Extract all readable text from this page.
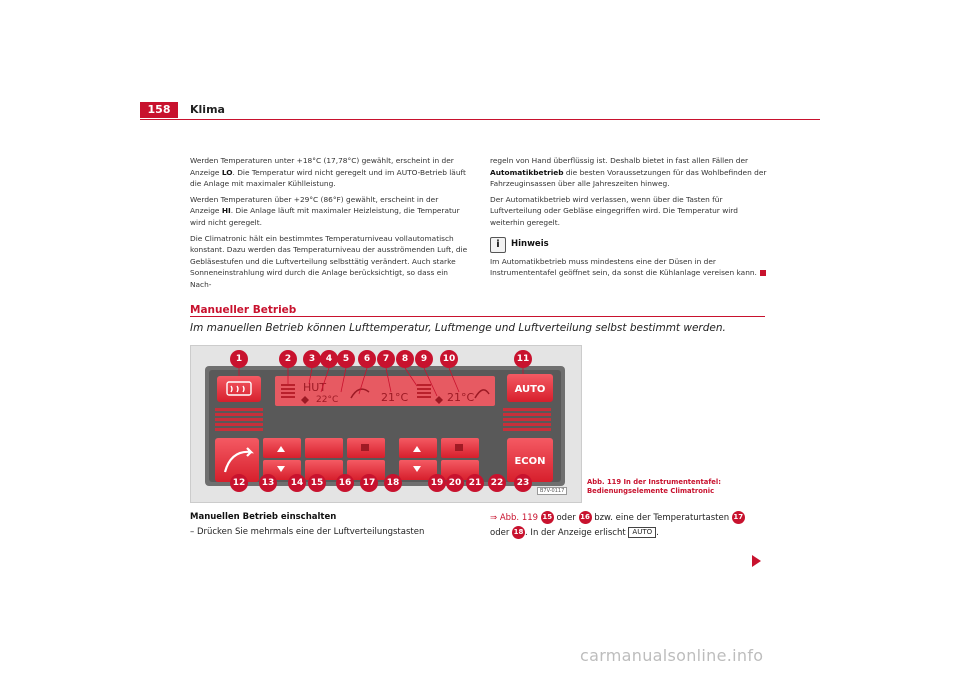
158	Klima

Werden Temperaturen unter +18°C (17,78°C) gewählt, erscheint in der Anzeige LO. Die Temperatur wird nicht geregelt und im AUTO-Betrieb läuft die Anlage mit maximaler Kühlleistung.

Werden Temperaturen über +29°C (86°F) gewählt, erscheint in der Anzeige HI. Die Anlage läuft mit maximaler Heizleistung, die Temperatur wird nicht geregelt.

Die Climatronic hält ein bestimmtes Temperaturniveau vollautomatisch konstant. Dazu werden das Temperaturniveau der ausströmenden Luft, die Gebläsestufen und die Luftverteilung selbsttätig verändert. Auch starke Sonneneinstrahlung wird durch die Anlage berücksichtigt, so dass ein Nach-

regeln von Hand überflüssig ist. Deshalb bietet in fast allen Fällen der Automatikbetrieb die besten Voraussetzungen für das Wohlbefinden der Fahrzeuginsassen über alle Jahreszeiten hinweg.

Der Automatikbetrieb wird verlassen, wenn über die Tasten für Luftverteilung oder Gebläse eingegriffen wird. Die Temperatur wird weiterhin geregelt.

i	Hinweis

Im Automatikbetrieb muss mindestens eine der Düsen in der Instrumententafel geöffnet sein, da sonst die Kühlanlage vereisen kann.

Manueller Betrieb
Im manuellen Betrieb können Lufttemperatur, Luftmenge und Luftverteilung selbst bestimmt werden.
HUT
22°C	21°C	21°C
AUTO
ECON
1	2	3	4	5	6	7	8	9	10	11
12	13	14 15	16	17	18	19 20 21	22	23
B7V-0117
Abb. 119 In der Instrumententafel: Bedienungselemente Climatronic
Manuellen Betrieb einschalten
– Drücken Sie mehrmals eine der Luftverteilungstasten
⇒ Abb. 119 15 oder 16 bzw. eine der Temperaturtasten 17
oder 18 . In der Anzeige erlischt AUTO .
carmanualsonline.info
